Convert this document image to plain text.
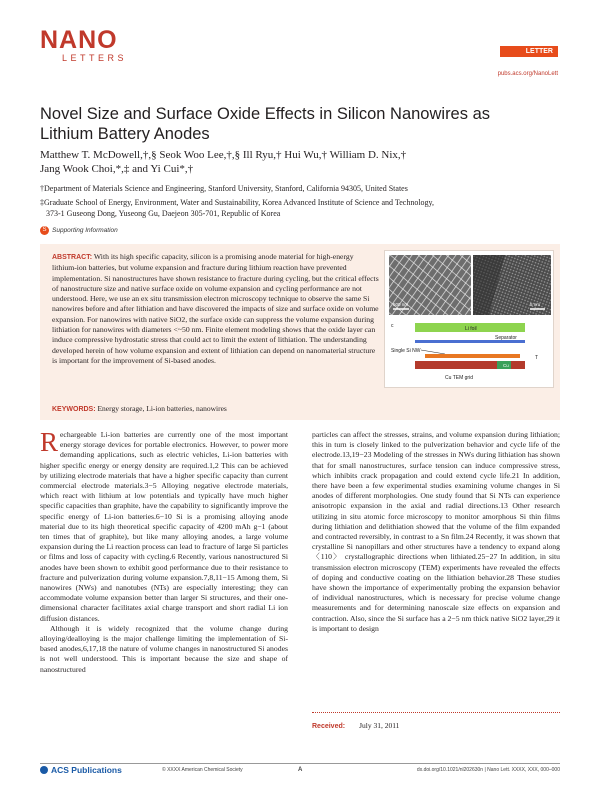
NANO
LETTERS
LETTER
pubs.acs.org/NanoLett
Novel Size and Surface Oxide Effects in Silicon Nanowires as
Lithium Battery Anodes
Matthew T. McDowell,†,§ Seok Woo Lee,†,§ Ill Ryu,† Hui Wu,† William D. Nix,†
Jang Wook Choi,*,‡ and Yi Cui*,†
†Department of Materials Science and Engineering, Stanford University, Stanford, California 94305, United States
‡Graduate School of Energy, Environment, Water and Sustainability, Korea Advanced Institute of Science and Technology,
373-1 Guseong Dong, Yuseong Gu, Daejeon 305-701, Republic of Korea
S Supporting Information
ABSTRACT: With its high specific capacity, silicon is a promising anode material for high-energy lithium-ion batteries, but volume expansion and fracture during lithium reaction have prevented implementation. Si nanostructures have shown resistance to fracture during cycling, but the critical effects of nanostructure size and native surface oxide on volume expansion and cycling performance are not understood. Here, we use an ex situ transmission electron microscopy technique to observe the same Si nanowires before and after lithiation and have discovered the impacts of size and surface oxide on volume expansion. For nanowires with native SiO2, the surface oxide can suppress the volume expansion during lithiation for nanowires with diameters <~50 nm. Finite element modeling shows that the oxide layer can induce compressive hydrostatic stress that could act to limit the extent of lithiation. The understanding developed herein of how volume expansion and extent of lithiation can depend on nanomaterial structure is important for the improvement of Si-based anodes.
KEYWORDS: Energy storage, Li-ion batteries, nanowires
500 nm	5 nm
c	Li foil
Separator
Single Si NW
T
Cu
Cu TEM grid

Rechargeable Li-ion batteries are currently one of the most important energy storage devices for portable electronics. However, to power more demanding applications, such as electric vehicles, Li-ion batteries with higher specific energy or energy density are required.1,2 This can be achieved by utilizing electrode materials that have a higher specific capacity than current commercial electrode materials.3−5 Alloying negative electrode materials, which react with lithium at low potentials and typically have much higher specific capacities than graphite, have the capability to significantly improve the specific energy of Li-ion batteries.6−10 Si is a promising alloying anode material due to its high theoretical specific capacity of 4200 mAh g−1 (about ten times that of graphite), but like many alloying anodes, a large volume expansion during the Li reaction process can lead to fracture of large Si particles or films and loss of capacity with cycling.6 Recently, various nanostructured Si anodes have been shown to exhibit good performance due to their resistance to fracture and pulverization during volume expansion.7,8,11−15 Among them, Si nanowires (NWs) and nanotubes (NTs) are especially interesting; they can accommodate volume expansion better than larger Si structures, and their one-dimensional character facilitates axial charge transport and short radial Li ion diffusion distances.

Although it is widely recognized that the volume change during alloying/dealloying is the major challenge limiting the implementation of Si-based anodes,6,17,18 the nature of volume changes in nanostructured Si anodes is not well understood. This is important because the size and shape of nanostructured

particles can affect the stresses, strains, and volume expansion during lithiation; this in turn is closely linked to the pulverization behavior and cycle life of the electrode.13,19−23 Modeling of the stresses in NWs during lithiation has shown that for small nanostructures, surface tension can induce compressive stress, which inhibits crack propagation and could extend cycle life.21 In addition, there have been a few experimental studies examining volume changes in Si anodes of different morphologies. One study found that Si NTs can experience anisotropic expansion in the axial and radial directions.13 Other research utilizing in situ atomic force microscopy to monitor amorphous Si thin films during lithiation and delithiation showed that the volume of the film expanded and contracted reversibly, in contrast to a Sn film.24 Recently, it was shown that crystalline Si nanopillars and other structures have a tendency to expand along 〈110〉 crystallographic directions when lithiated.25−27 In addition, in situ transmission electron microscopy (TEM) experiments have revealed the effects of doping and conductive coating on the lithiation behavior.28 These studies have shown the importance of experimentally probing the expansion behavior of individual nanostructures, which is necessary for precise volume change measurements and for determining nanoscale size effects on expansion and contraction. Also, since the Si surface has a 2−5 nm thick native SiO2 layer,29 it is important to design

Received: July 31, 2011
ACS Publications	© XXXX American Chemical Society	A	dx.doi.org/10.1021/nl202630n | Nano Lett. XXXX, XXX, 000–000
